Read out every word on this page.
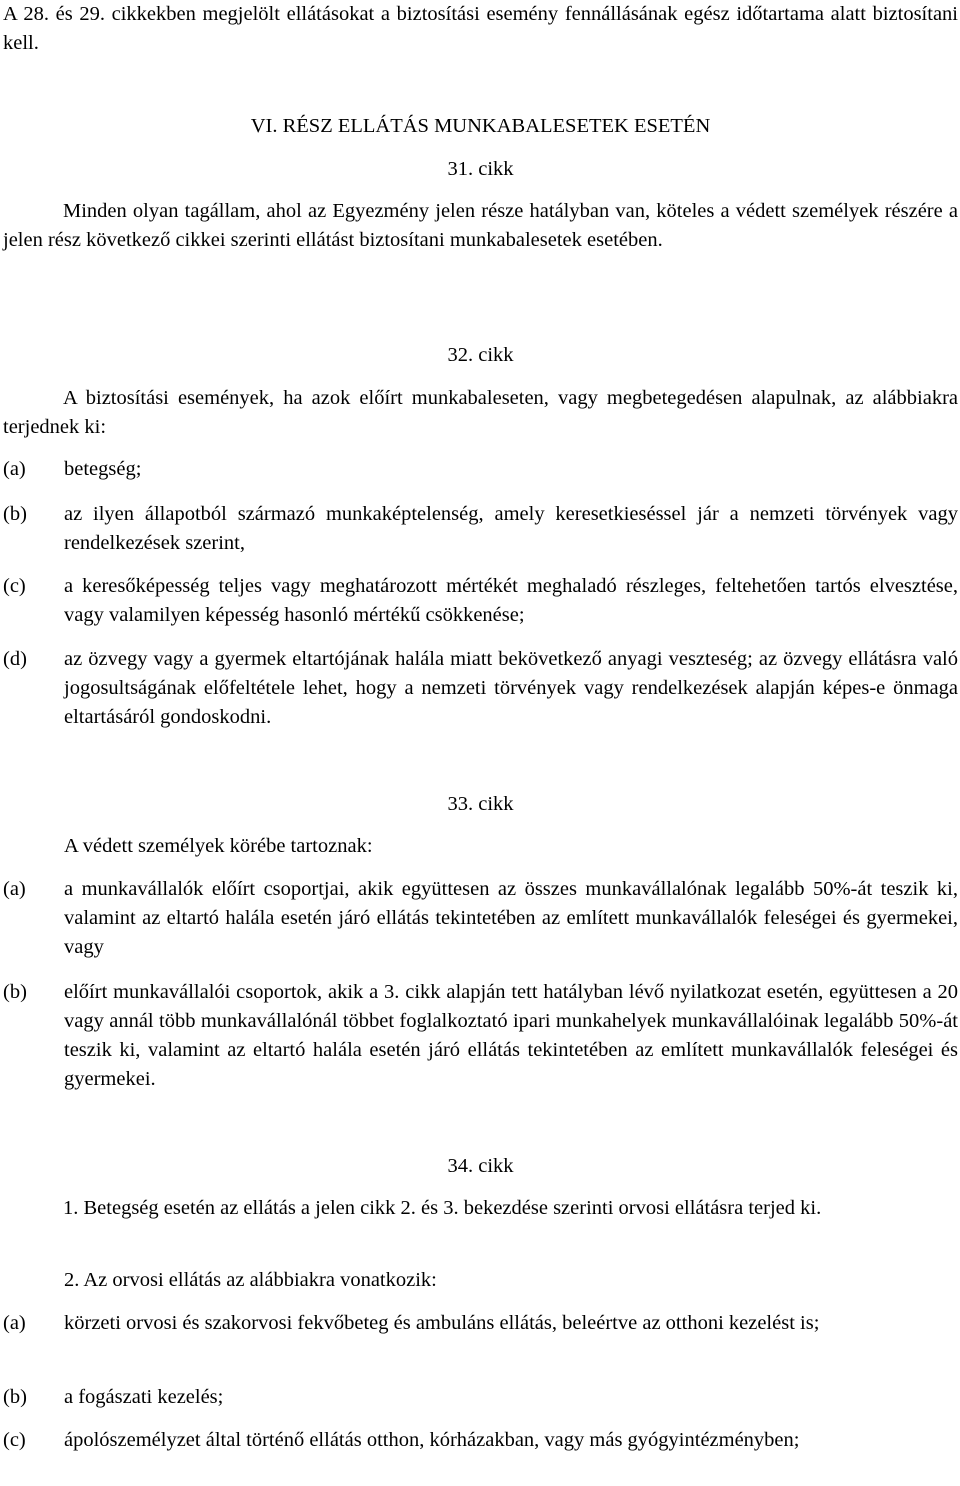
A 28. és 29. cikkekben megjelölt ellátásokat a biztosítási esemény fennállásának egész időtartama alatt biztosítani kell.

VI. RÉSZ ELLÁTÁS MUNKABALESETEK ESETÉN
31. cikk

Minden olyan tagállam, ahol az Egyezmény jelen része hatályban van, köteles a védett személyek részére a jelen rész következő cikkei szerinti ellátást biztosítani munkabalesetek esetében.

32. cikk

A biztosítási események, ha azok előírt munkabaleseten, vagy megbetegedésen alapulnak, az alábbiakra terjednek ki:

(a)	betegség;
(b)	az ilyen állapotból származó munkaképtelenség, amely keresetkieséssel jár a nemzeti törvények vagy rendelkezések szerint,
(c)	a keresőképesség teljes vagy meghatározott mértékét meghaladó részleges, feltehetően tartós elvesztése, vagy valamilyen képesség hasonló mértékű csökkenése;
(d)	az özvegy vagy a gyermek eltartójának halála miatt bekövetkező anyagi veszteség; az özvegy ellátásra való jogosultságának előfeltétele lehet, hogy a nemzeti törvények vagy rendelkezések alapján képes-e önmaga eltartásáról gondoskodni.
33. cikk
A védett személyek körébe tartoznak:
(a)	a munkavállalók előírt csoportjai, akik együttesen az összes munkavállalónak legalább 50%-át teszik ki, valamint az eltartó halála esetén járó ellátás tekintetében az említett munkavállalók feleségei és gyermekei, vagy
(b)	előírt munkavállalói csoportok, akik a 3. cikk alapján tett hatályban lévő nyilatkozat esetén, együttesen a 20 vagy annál több munkavállalónál többet foglalkoztató ipari munkahelyek munkavállalóinak legalább 50%-át teszik ki, valamint az eltartó halála esetén járó ellátás tekintetében az említett munkavállalók feleségei és gyermekei.
34. cikk

1. Betegség esetén az ellátás a jelen cikk 2. és 3. bekezdése szerinti orvosi ellátásra terjed ki.

2. Az orvosi ellátás az alábbiakra vonatkozik:
(a)	körzeti orvosi és szakorvosi fekvőbeteg és ambuláns ellátás, beleértve az otthoni kezelést is;
(b)	a fogászati kezelés;
(c)	ápolószemélyzet által történő ellátás otthon, kórházakban, vagy más gyógyintézményben;
